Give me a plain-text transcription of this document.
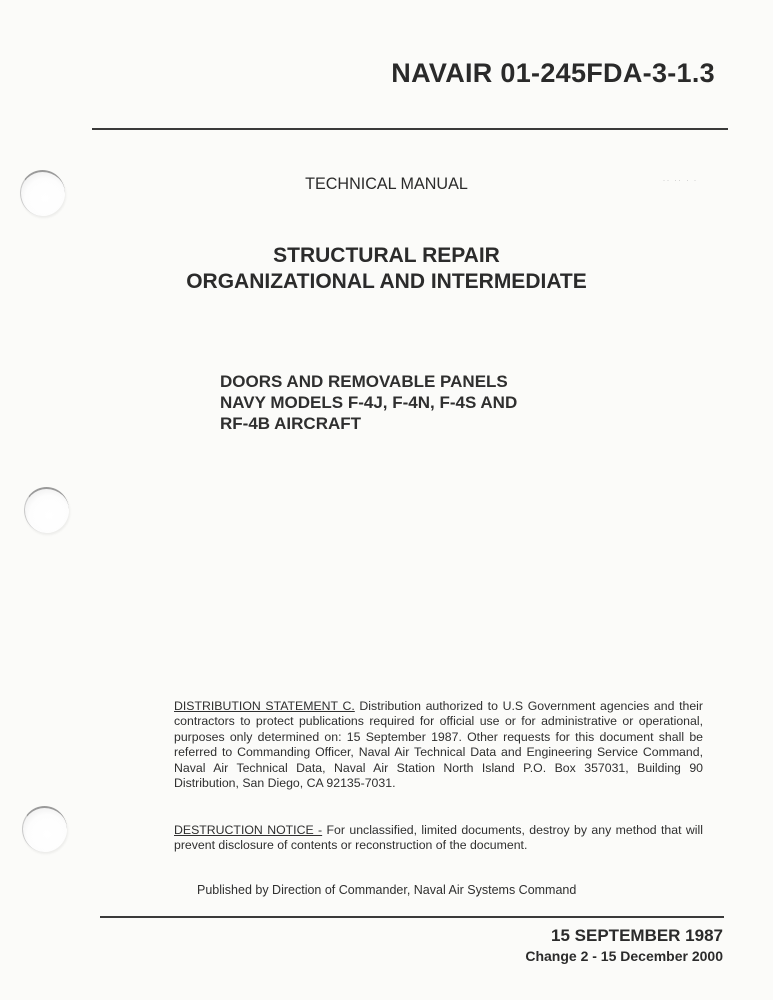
NAVAIR 01-245FDA-3-1.3
·· ·· · ·
TECHNICAL MANUAL
STRUCTURAL REPAIR
ORGANIZATIONAL AND INTERMEDIATE
DOORS AND REMOVABLE PANELS
NAVY MODELS F-4J, F-4N, F-4S AND
RF-4B AIRCRAFT
DISTRIBUTION STATEMENT C. Distribution authorized to U.S Government agencies and their contractors to protect publications required for official use or for administrative or operational, purposes only determined on: 15 September 1987. Other requests for this document shall be referred to Commanding Officer, Naval Air Technical Data and Engineering Service Command, Naval Air Technical Data, Naval Air Station North Island P.O. Box 357031, Building 90 Distribution, San Diego, CA 92135-7031.
DESTRUCTION NOTICE - For unclassified, limited documents, destroy by any method that will prevent disclosure of contents or reconstruction of the document.
Published by Direction of Commander, Naval Air Systems Command
15 SEPTEMBER 1987
Change 2 - 15 December 2000
